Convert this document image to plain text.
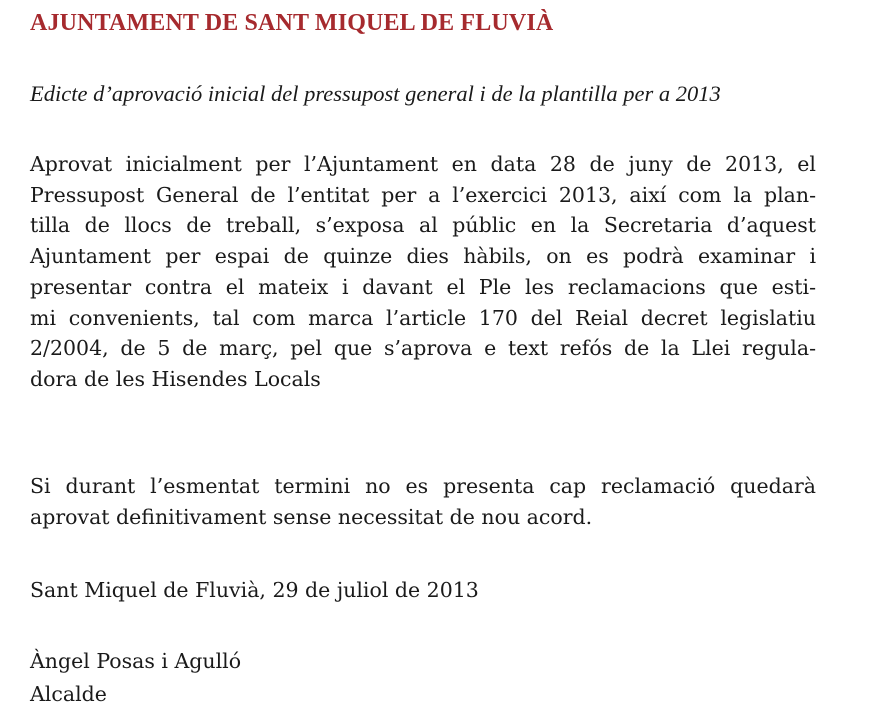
AJUNTAMENT DE SANT MIQUEL DE FLUVIÀ

Edicte d’aprovació inicial del pressupost general i de la plantilla per a 2013

Aprovat inicialment per l’Ajuntament en data 28 de juny de 2013, el
Pressupost General de l’entitat per a l’exercici 2013, així com la plan-
tilla de llocs de treball, s’exposa al públic en la Secretaria d’aquest
Ajuntament per espai de quinze dies hàbils, on es podrà examinar i
presentar contra el mateix i davant el Ple les reclamacions que esti-
mi convenients, tal com marca l’article 170 del Reial decret legislatiu
2/2004, de 5 de març, pel que s’aprova e text refós de la Llei regula-
dora de les Hisendes Locals
Si durant l’esmentat termini no es presenta cap reclamació quedarà
aprovat definitivament sense necessitat de nou acord.

Sant Miquel de Fluvià, 29 de juliol de 2013

Àngel Posas i Agulló

Alcalde
